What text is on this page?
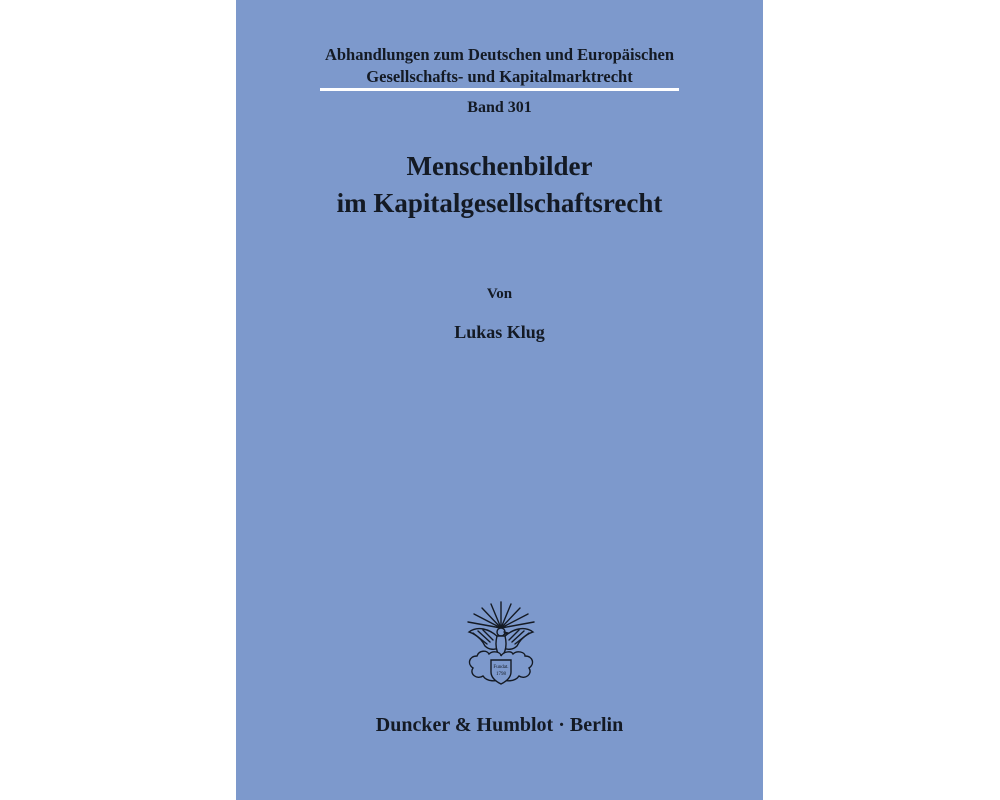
Abhandlungen zum Deutschen und Europäischen
Gesellschafts- und Kapitalmarktrecht
Band 301
Menschenbilder
im Kapitalgesellschaftsrecht
Von
Lukas Klug
Fundat.
1798
Duncker & Humblot · Berlin
